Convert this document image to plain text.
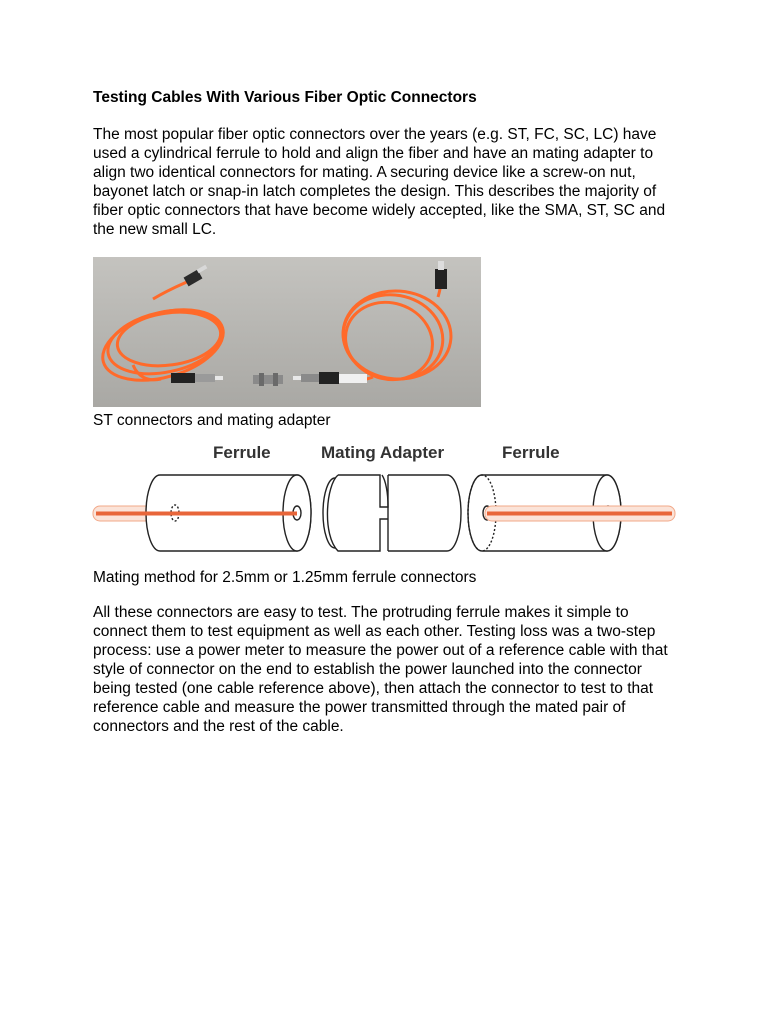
Testing Cables With Various Fiber Optic Connectors

The most popular fiber optic connectors over the years (e.g. ST, FC, SC, LC) have used a cylindrical ferrule to hold and align the fiber and have an mating adapter to align two identical connectors for mating. A securing device like a screw-on nut, bayonet latch or snap-in latch completes the design. This describes the majority of fiber optic connectors that have become widely accepted, like the SMA, ST, SC and the new small LC.

ST connectors and mating adapter

Ferrule	Mating Adapter	Ferrule

Mating method for 2.5mm or 1.25mm ferrule connectors

All these connectors are easy to test. The protruding ferrule makes it simple to connect them to test equipment as well as each other. Testing loss was a two-step process: use a power meter to measure the power out of a reference cable with that style of connector on the end to establish the power launched into the connector being tested (one cable reference above), then attach the connector to test to that reference cable and measure the power transmitted through the mated pair of connectors and the rest of the cable.
